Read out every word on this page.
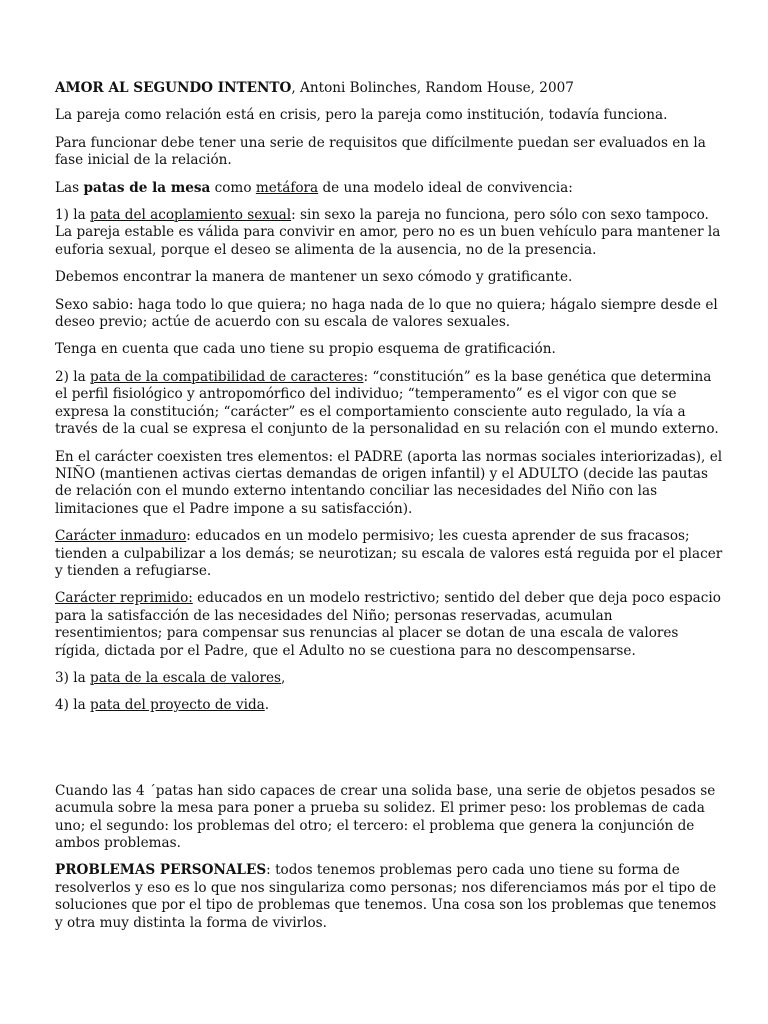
AMOR AL SEGUNDO INTENTO, Antoni Bolinches, Random House, 2007

La pareja como relación está en crisis, pero la pareja como institución, todavía funciona.

Para funcionar debe tener una serie de requisitos que difícilmente puedan ser evaluados en la fase inicial de la relación.

Las patas de la mesa como metáfora de una modelo ideal de convivencia:

1) la pata del acoplamiento sexual: sin sexo la pareja no funciona, pero sólo con sexo tampoco. La pareja estable es válida para convivir en amor, pero no es un buen vehículo para mantener la euforia sexual, porque el deseo se alimenta de la ausencia, no de la presencia.

Debemos encontrar la manera de mantener un sexo cómodo y gratificante.

Sexo sabio: haga todo lo que quiera; no haga nada de lo que no quiera; hágalo siempre desde el deseo previo; actúe de acuerdo con su escala de valores sexuales.

Tenga en cuenta que cada uno tiene su propio esquema de gratificación.

2) la pata de la compatibilidad de caracteres: “constitución” es la base genética que determina el perfil fisiológico y antropomórfico del individuo; “temperamento” es el vigor con que se expresa la constitución; “carácter” es el comportamiento consciente auto regulado, la vía a través de la cual se expresa el conjunto de la personalidad en su relación con el mundo externo.

En el carácter coexisten tres elementos: el PADRE (aporta las normas sociales interiorizadas), el NIÑO (mantienen activas ciertas demandas de origen infantil) y el ADULTO (decide las pautas de relación con el mundo externo intentando conciliar las necesidades del Niño con las limitaciones que el Padre impone a su satisfacción).

Carácter inmaduro: educados en un modelo permisivo; les cuesta aprender de sus fracasos; tienden a culpabilizar a los demás; se neurotizan; su escala de valores está reguida por el placer y tienden a refugiarse.

Carácter reprimido: educados en un modelo restrictivo; sentido del deber que deja poco espacio para la satisfacción de las necesidades del Niño; personas reservadas, acumulan resentimientos; para compensar sus renuncias al placer se dotan de una escala de valores rígida, dictada por el Padre, que el Adulto no se cuestiona para no descompensarse.

3) la pata de la escala de valores,

4) la pata del proyecto de vida.

Cuando las 4 ´patas han sido capaces de crear una solida base, una serie de objetos pesados se acumula sobre la mesa para poner a prueba su solidez. El primer peso: los problemas de cada uno; el segundo: los problemas del otro; el tercero: el problema que genera la conjunción de ambos problemas.

PROBLEMAS PERSONALES: todos tenemos problemas pero cada uno tiene su forma de resolverlos y eso es lo que nos singulariza como personas; nos diferenciamos más por el tipo de soluciones que por el tipo de problemas que tenemos. Una cosa son los problemas que tenemos y otra muy distinta la forma de vivirlos.
